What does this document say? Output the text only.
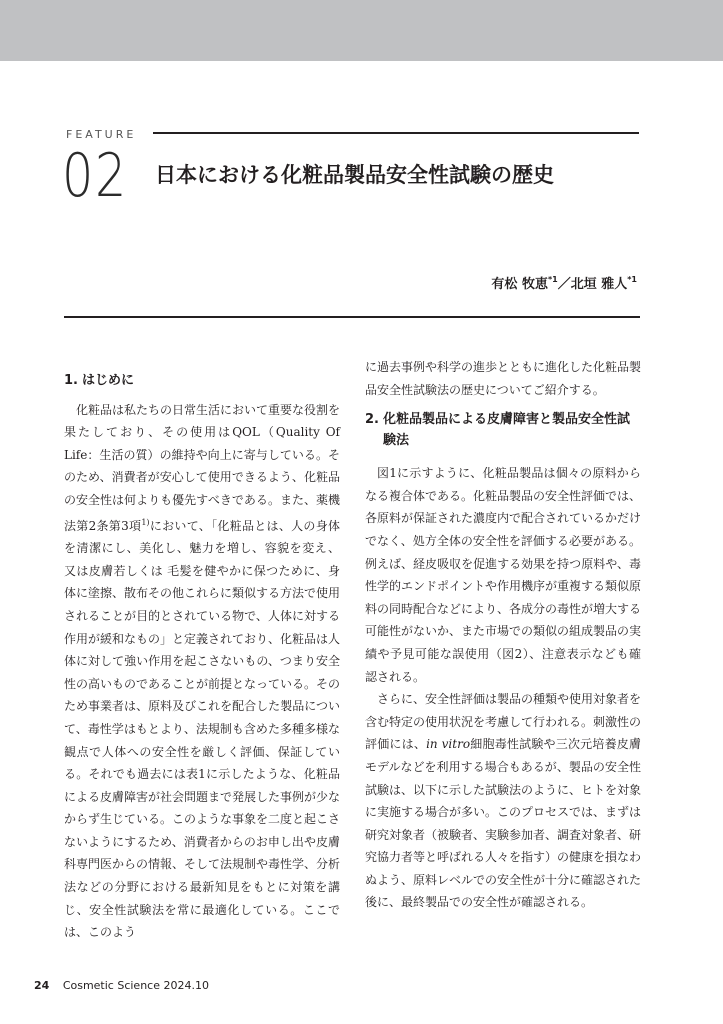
FEATURE
02 日本における化粧品製品安全性試験の歴史
有松 牧恵$^{*1}$／北垣 雅人$^{*1}$
1. はじめに

化粧品は私たちの日常生活において重要な役割を果たしており、その使用はQOL（Quality Of Life：生活の質）の維持や向上に寄与している。そのため、消費者が安心して使用できるよう、化粧品の安全性は何よりも優先すべきである。また、薬機法第2条第3項$^{1)}$において、「化粧品とは、人の身体を清潔にし、美化し、魅力を増し、容貌を変え、又は皮膚若しくは 毛髪を健やかに保つために、身体に塗擦、散布その他これらに類似する方法で使用されることが目的とされている物で、人体に対する作用が緩和なもの」と定義されており、化粧品は人体に対して強い作用を起こさないもの、つまり安全性の高いものであることが前提となっている。そのため事業者は、原料及びこれを配合した製品について、毒性学はもとより、法規制も含めた多種多様な観点で人体への安全性を厳しく評価、保証している。それでも過去には表1に示したような、化粧品による皮膚障害が社会問題まで発展した事例が少なからず生じている。このような事象を二度と起こさないようにするため、消費者からのお申し出や皮膚科専門医からの情報、そして法規制や毒性学、分析法などの分野における最新知見をもとに対策を講じ、安全性試験法を常に最適化している。ここでは、このよう

に過去事例や科学の進歩とともに進化した化粧品製品安全性試験法の歴史についてご紹介する。

2. 化粧品製品による皮膚障害と製品安全性試験法

図1に示すように、化粧品製品は個々の原料からなる複合体である。化粧品製品の安全性評価では、各原料が保証された濃度内で配合されているかだけでなく、処方全体の安全性を評価する必要がある。例えば、経皮吸収を促進する効果を持つ原料や、毒性学的エンドポイントや作用機序が重複する類似原料の同時配合などにより、各成分の毒性が増大する可能性がないか、また市場での類似の組成製品の実績や予見可能な誤使用（図2）、注意表示なども確認される。

さらに、安全性評価は製品の種類や使用対象者を含む特定の使用状況を考慮して行われる。刺激性の評価には、in vitro細胞毒性試験や三次元培養皮膚モデルなどを利用する場合もあるが、製品の安全性試験は、以下に示した試験法のように、ヒトを対象に実施する場合が多い。このプロセスでは、まずは研究対象者（被験者、実験参加者、調査対象者、研究協力者等と呼ばれる人々を指す）の健康を損なわぬよう、原料レベルでの安全性が十分に確認された後に、最終製品での安全性が確認される。

24 Cosmetic Science 2024.10
